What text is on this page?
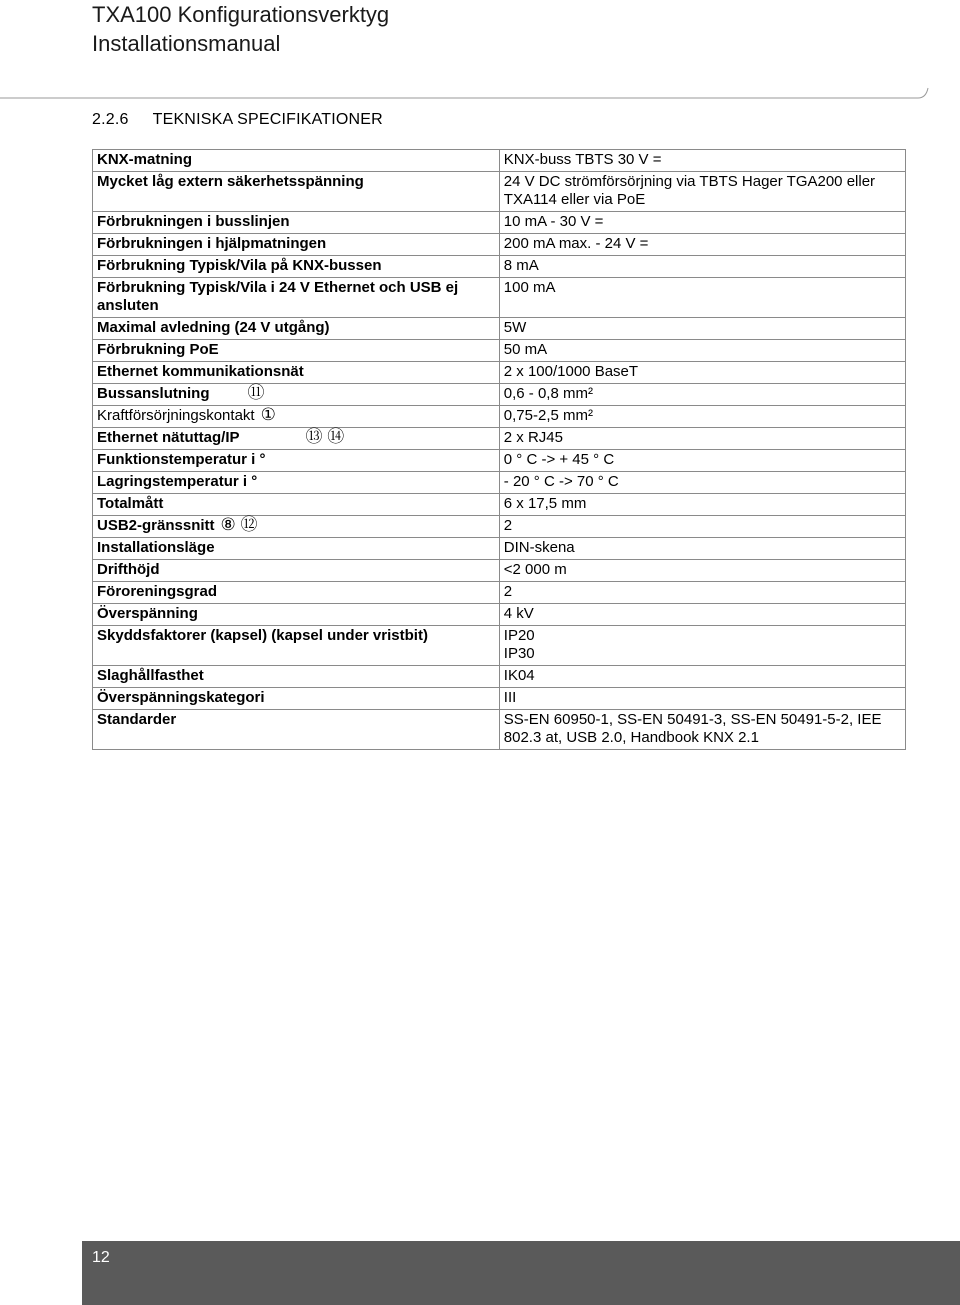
TXA100 Konfigurationsverktyg
Installationsmanual
2.2.6 TEKNISKA SPECIFIKATIONER
KNX-matning	KNX-buss TBTS 30 V =
Mycket låg extern säkerhetsspänning	24 V DC strömförsörjning via TBTS Hager TGA200 eller TXA114 eller via PoE
Förbrukningen i busslinjen	10 mA - 30 V =
Förbrukningen i hjälpmatningen	200 mA max. - 24 V =
Förbrukning Typisk/Vila på KNX-bussen	8 mA
Förbrukning Typisk/Vila i 24 V Ethernet och USB ej ansluten	100 mA
Maximal avledning (24 V utgång)	5W
Förbrukning PoE	50 mA
Ethernet kommunikationsnät	2 x 100/1000 BaseT
Bussanslutning ⑪	0,6 - 0,8 mm²
Kraftförsörjningskontakt ①	0,75-2,5 mm²
Ethernet nätuttag/IP ⑬ ⑭	2 x RJ45
Funktionstemperatur i °	0 ° C -> + 45 ° C
Lagringstemperatur i °	- 20 ° C -> 70 ° C
Totalmått	6 x 17,5 mm
USB2-gränssnitt ⑧ ⑫	2
Installationsläge	DIN-skena
Drifthöjd	<2 000 m
Föroreningsgrad	2
Överspänning	4 kV
Skyddsfaktorer (kapsel) (kapsel under vristbit)	IP20
IP30
Slaghållfasthet	IK04
Överspänningskategori	III
Standarder	SS-EN 60950-1, SS-EN 50491-3, SS-EN 50491-5-2, IEE 802.3 at, USB 2.0, Handbook KNX 2.1
12
